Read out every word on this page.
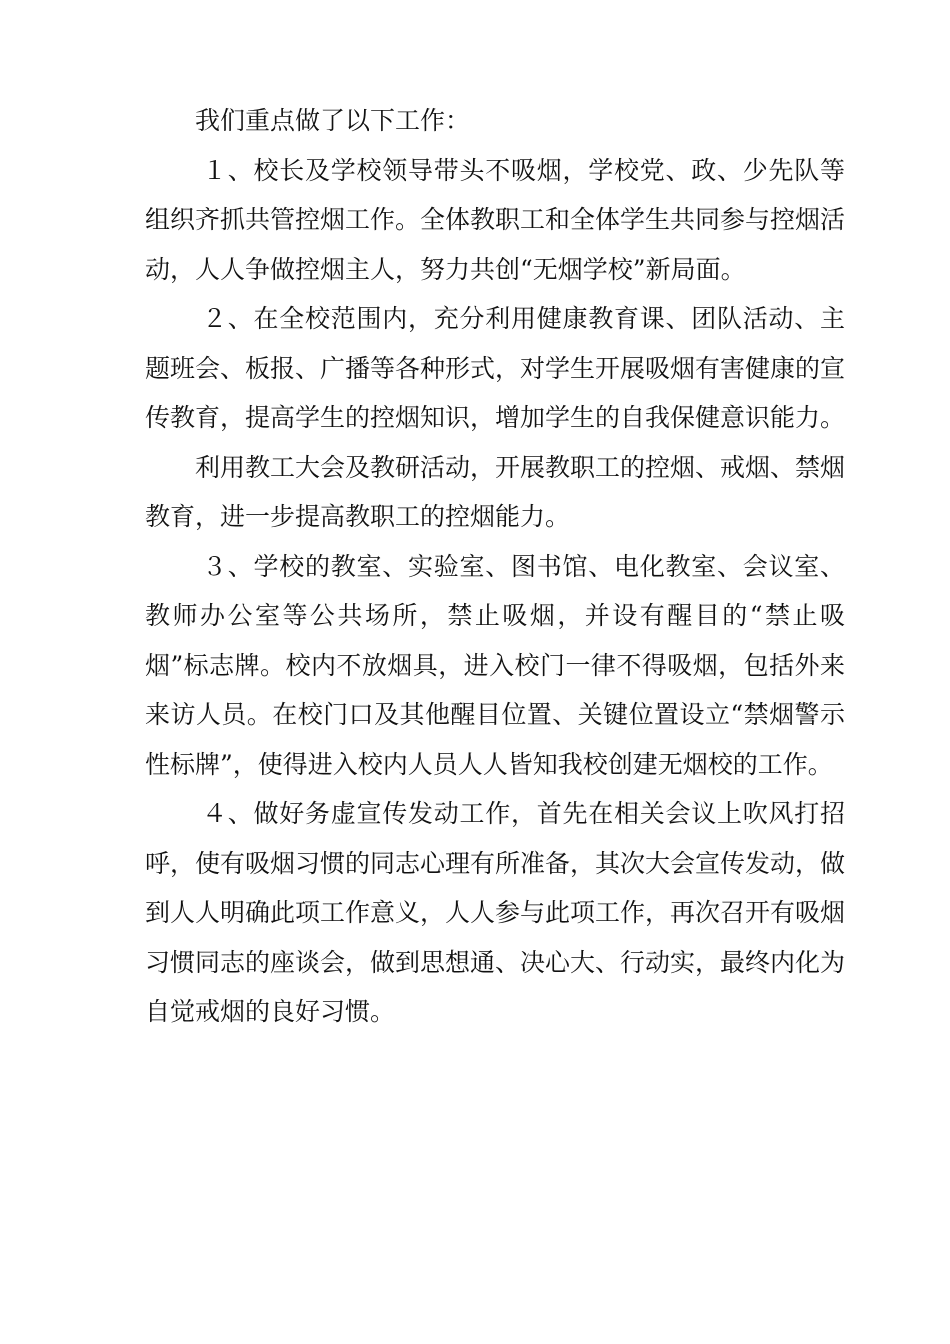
我们重点做了以下工作：

１、校长及学校领导带头不吸烟，学校党、政、少先队等组织齐抓共管控烟工作。全体教职工和全体学生共同参与控烟活动，人人争做控烟主人，努力共创“无烟学校”新局面。

２、在全校范围内，充分利用健康教育课、团队活动、主题班会、板报、广播等各种形式，对学生开展吸烟有害健康的宣传教育，提高学生的控烟知识，增加学生的自我保健意识能力。

利用教工大会及教研活动，开展教职工的控烟、戒烟、禁烟教育，进一步提高教职工的控烟能力。

３、学校的教室、实验室、图书馆、电化教室、会议室、教师办公室等公共场所，禁止吸烟，并设有醒目的“禁止吸烟”标志牌。校内不放烟具，进入校门一律不得吸烟，包括外来来访人员。在校门口及其他醒目位置、关键位置设立“禁烟警示性标牌”，使得进入校内人员人人皆知我校创建无烟校的工作。

４、做好务虚宣传发动工作，首先在相关会议上吹风打招呼，使有吸烟习惯的同志心理有所准备，其次大会宣传发动，做到人人明确此项工作意义，人人参与此项工作，再次召开有吸烟习惯同志的座谈会，做到思想通、决心大、行动实，最终内化为自觉戒烟的良好习惯。
